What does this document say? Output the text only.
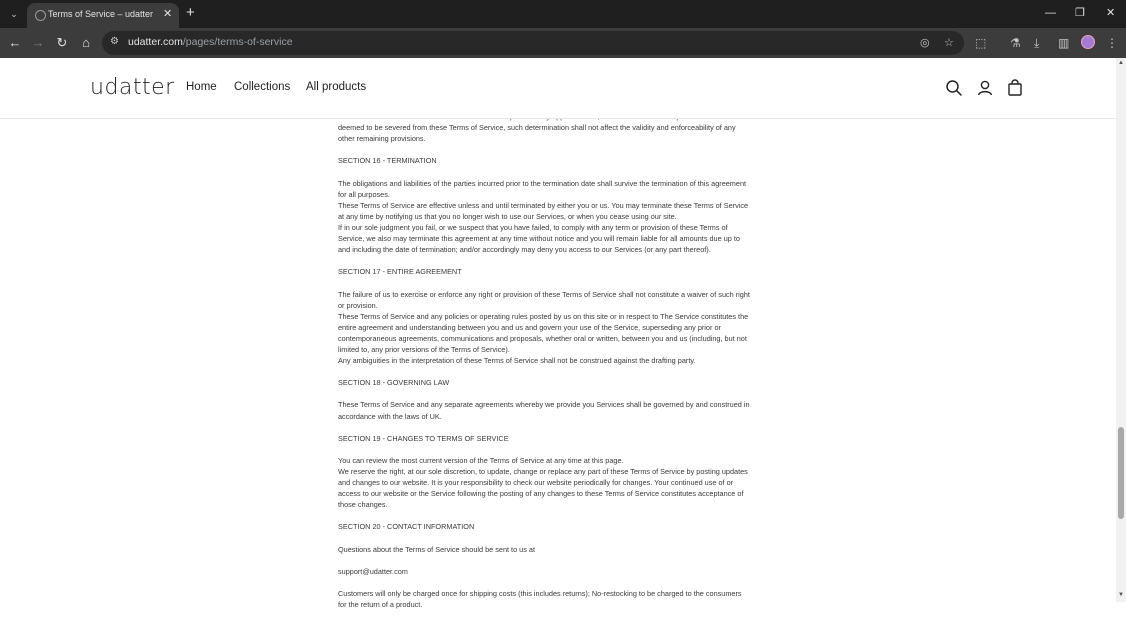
⌄	Terms of Service – udatter ✕ +	— ❐ ✕
← → ↻	⌂	⚙ udatter.com/pages/terms-of-service	◎ ☆ ⬚ ⚗ ⤓ ▥	⋮
udatter Home Collections All products

deemed to be severed from these Terms of Service, such determination shall not affect the validity and enforceability of any
other remaining provisions.

SECTION 16 - TERMINATION

The obligations and liabilities of the parties incurred prior to the termination date shall survive the termination of this agreement
for all purposes.
These Terms of Service are effective unless and until terminated by either you or us. You may terminate these Terms of Service
at any time by notifying us that you no longer wish to use our Services, or when you cease using our site.
If in our sole judgment you fail, or we suspect that you have failed, to comply with any term or provision of these Terms of
Service, we also may terminate this agreement at any time without notice and you will remain liable for all amounts due up to
and including the date of termination; and/or accordingly may deny you access to our Services (or any part thereof).

SECTION 17 - ENTIRE AGREEMENT

The failure of us to exercise or enforce any right or provision of these Terms of Service shall not constitute a waiver of such right
or provision.
These Terms of Service and any policies or operating rules posted by us on this site or in respect to The Service constitutes the
entire agreement and understanding between you and us and govern your use of the Service, superseding any prior or
contemporaneous agreements, communications and proposals, whether oral or written, between you and us (including, but not
limited to, any prior versions of the Terms of Service).
Any ambiguities in the interpretation of these Terms of Service shall not be construed against the drafting party.

SECTION 18 - GOVERNING LAW

These Terms of Service and any separate agreements whereby we provide you Services shall be governed by and construed in
accordance with the laws of UK.

SECTION 19 - CHANGES TO TERMS OF SERVICE

You can review the most current version of the Terms of Service at any time at this page.
We reserve the right, at our sole discretion, to update, change or replace any part of these Terms of Service by posting updates
and changes to our website. It is your responsibility to check our website periodically for changes. Your continued use of or
access to our website or the Service following the posting of any changes to these Terms of Service constitutes acceptance of
those changes.

SECTION 20 - CONTACT INFORMATION

Questions about the Terms of Service should be sent to us at

support@udatter.com

Customers will only be charged once for shipping costs (this includes returns); No-restocking to be charged to the consumers
for the return of a product.

▲
▼
